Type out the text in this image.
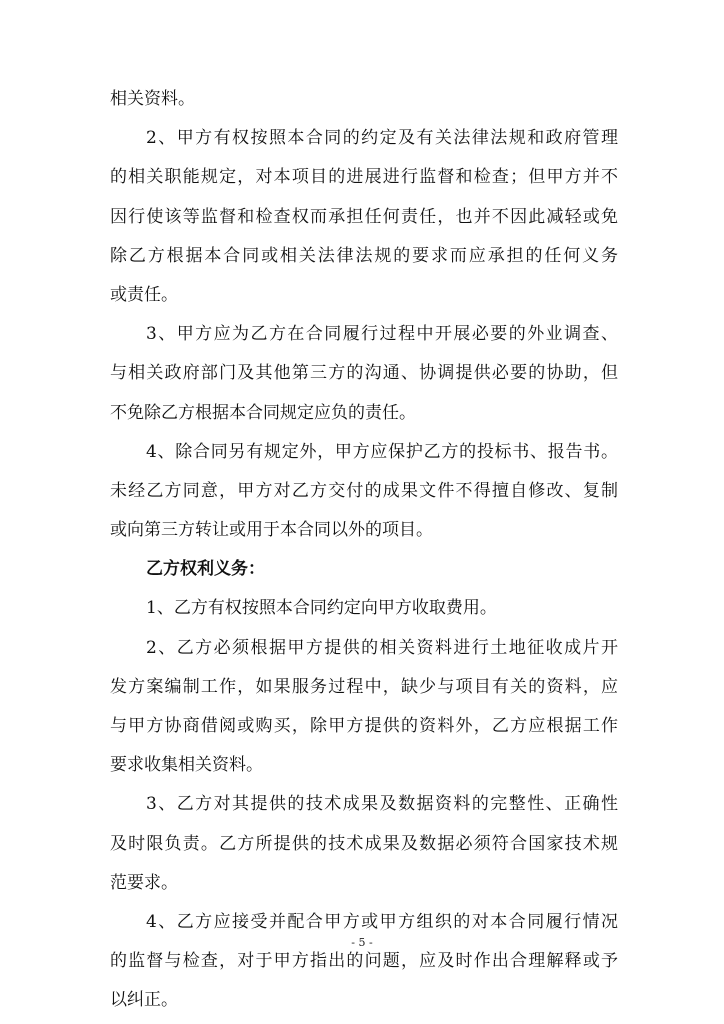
相关资料。
2、甲方有权按照本合同的约定及有关法律法规和政府管理
的相关职能规定，对本项目的进展进行监督和检查；但甲方并不
因行使该等监督和检查权而承担任何责任，也并不因此减轻或免
除乙方根据本合同或相关法律法规的要求而应承担的任何义务
或责任。
3、甲方应为乙方在合同履行过程中开展必要的外业调查、
与相关政府部门及其他第三方的沟通、协调提供必要的协助，但
不免除乙方根据本合同规定应负的责任。
4、除合同另有规定外，甲方应保护乙方的投标书、报告书。
未经乙方同意，甲方对乙方交付的成果文件不得擅自修改、复制
或向第三方转让或用于本合同以外的项目。
乙方权利义务：
1、乙方有权按照本合同约定向甲方收取费用。
2、乙方必须根据甲方提供的相关资料进行土地征收成片开
发方案编制工作，如果服务过程中，缺少与项目有关的资料，应
与甲方协商借阅或购买，除甲方提供的资料外，乙方应根据工作
要求收集相关资料。
3、乙方对其提供的技术成果及数据资料的完整性、正确性
及时限负责。乙方所提供的技术成果及数据必须符合国家技术规
范要求。
4、乙方应接受并配合甲方或甲方组织的对本合同履行情况
的监督与检查，对于甲方指出的问题，应及时作出合理解释或予
以纠正。
- 5 -
